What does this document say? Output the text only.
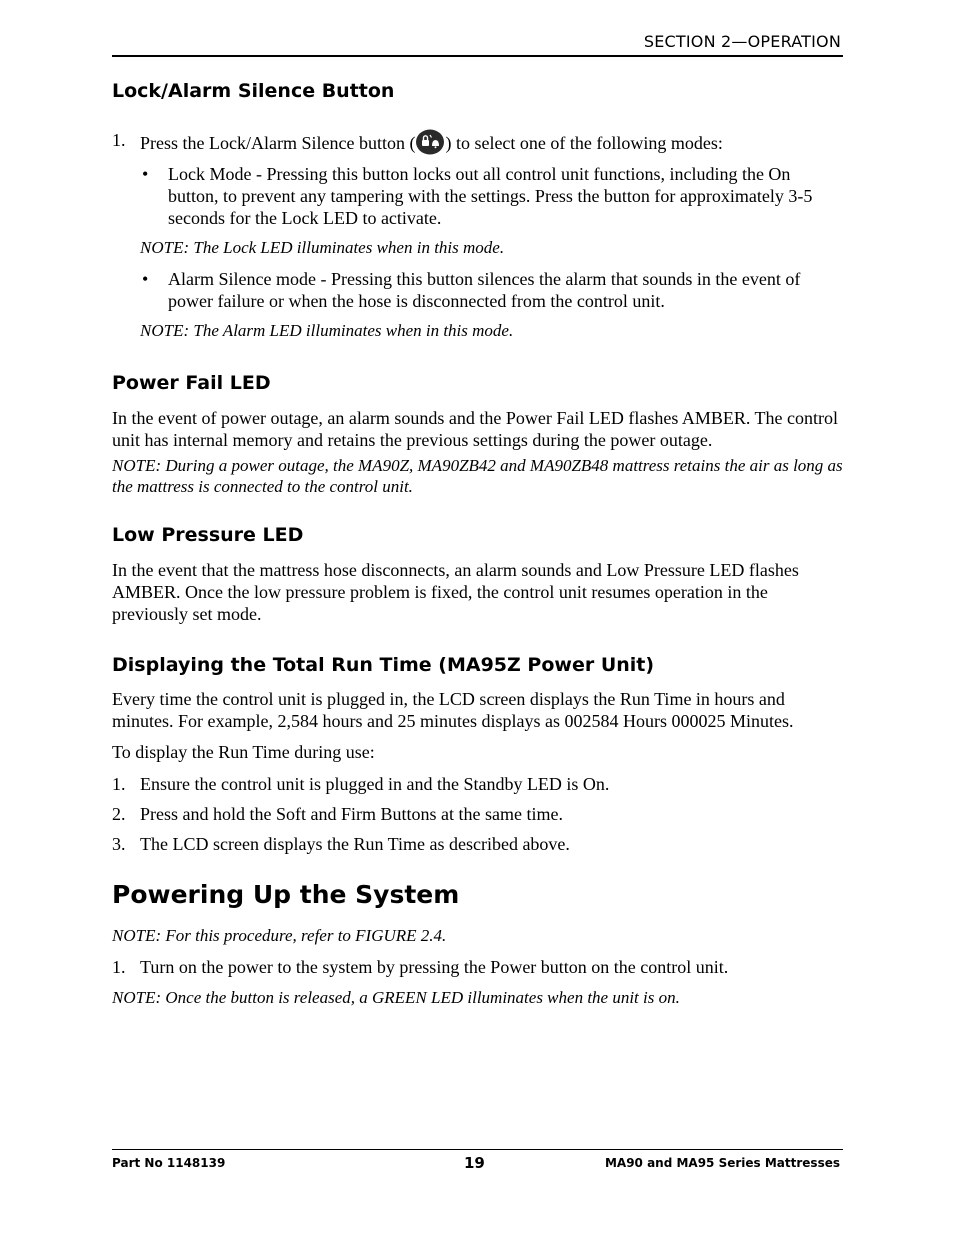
SECTION 2—OPERATION
Lock/Alarm Silence Button
1. Press the Lock/Alarm Silence button ( ) to select one of the following modes:
• Lock Mode - Pressing this button locks out all control unit functions, including the On button, to prevent any tampering with the settings. Press the button for approximately 3-5 seconds for the Lock LED to activate.

NOTE: The Lock LED illuminates when in this mode.

• Alarm Silence mode - Pressing this button silences the alarm that sounds in the event of power failure or when the hose is disconnected from the control unit.

NOTE: The Alarm LED illuminates when in this mode.

Power Fail LED

In the event of power outage, an alarm sounds and the Power Fail LED flashes AMBER. The control unit has internal memory and retains the previous settings during the power outage.

NOTE: During a power outage, the MA90Z, MA90ZB42 and MA90ZB48 mattress retains the air as long as the mattress is connected to the control unit.

Low Pressure LED

In the event that the mattress hose disconnects, an alarm sounds and Low Pressure LED flashes AMBER. Once the low pressure problem is fixed, the control unit resumes operation in the previously set mode.

Displaying the Total Run Time (MA95Z Power Unit)

Every time the control unit is plugged in, the LCD screen displays the Run Time in hours and minutes. For example, 2,584 hours and 25 minutes displays as 002584 Hours 000025 Minutes.

To display the Run Time during use:

1. Ensure the control unit is plugged in and the Standby LED is On.
2. Press and hold the Soft and Firm Buttons at the same time.
3. The LCD screen displays the Run Time as described above.
Powering Up the System

NOTE: For this procedure, refer to FIGURE 2.4.

1. Turn on the power to the system by pressing the Power button on the control unit.

NOTE: Once the button is released, a GREEN LED illuminates when the unit is on.

Part No 1148139	19	MA90 and MA95 Series Mattresses
